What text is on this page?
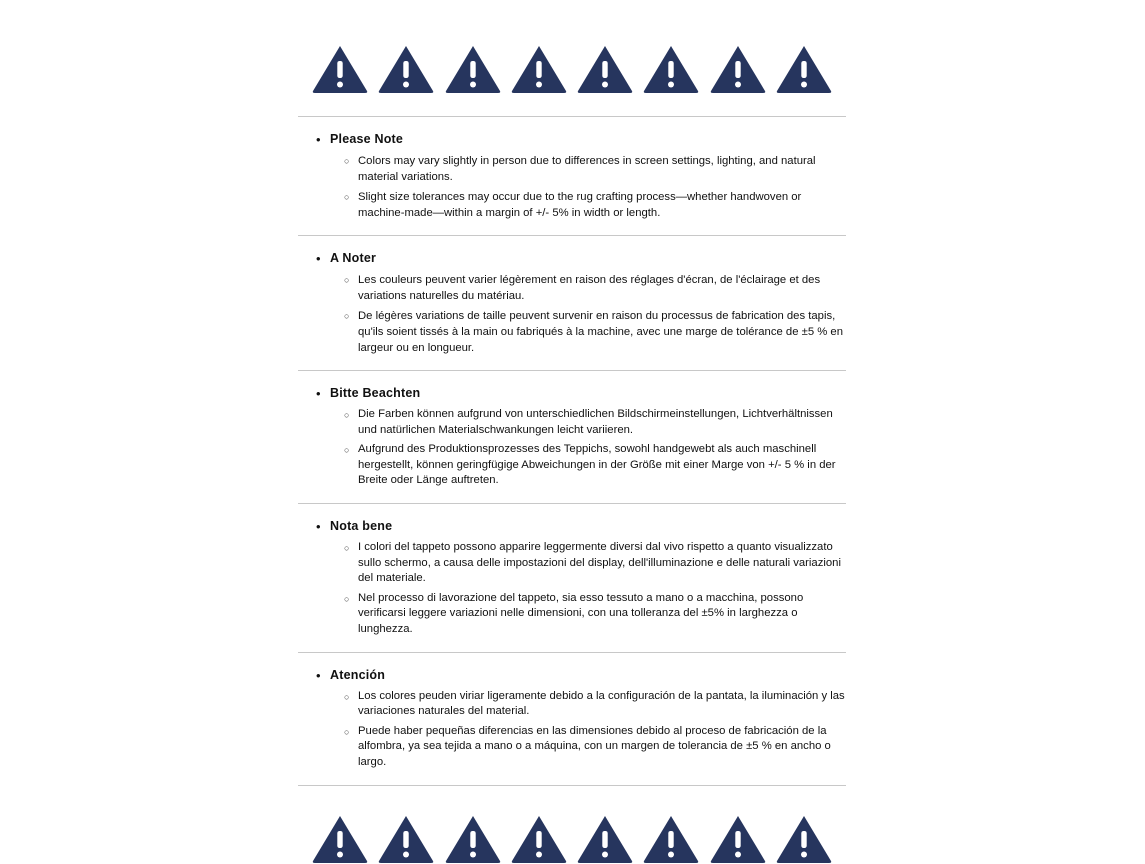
• Please Note
○ Colors may vary slightly in person due to differences in screen settings, lighting, and natural material variations.
○ Slight size tolerances may occur due to the rug crafting process—whether handwoven or machine-made—within a margin of +/- 5% in width or length.
• A Noter
○ Les couleurs peuvent varier légèrement en raison des réglages d'écran, de l'éclairage et des variations naturelles du matériau.
○ De légères variations de taille peuvent survenir en raison du processus de fabrication des tapis, qu'ils soient tissés à la main ou fabriqués à la machine, avec une marge de tolérance de ±5 % en largeur ou en longueur.
• Bitte Beachten
○ Die Farben können aufgrund von unterschiedlichen Bildschirmeinstellungen, Lichtverhältnissen und natürlichen Materialschwankungen leicht variieren.
○ Aufgrund des Produktionsprozesses des Teppichs, sowohl handgewebt als auch maschinell hergestellt, können geringfügige Abweichungen in der Größe mit einer Marge von +/- 5 % in der Breite oder Länge auftreten.
• Nota bene
○ I colori del tappeto possono apparire leggermente diversi dal vivo rispetto a quanto visualizzato sullo schermo, a causa delle impostazioni del display, dell'illuminazione e delle naturali variazioni del materiale.
○ Nel processo di lavorazione del tappeto, sia esso tessuto a mano o a macchina, possono verificarsi leggere variazioni nelle dimensioni, con una tolleranza del ±5% in larghezza o lunghezza.
• Atención
○ Los colores peuden viriar ligeramente debido a la configuración de la pantata, la iluminación y las variaciones naturales del material.
○ Puede haber pequeñas diferencias en las dimensiones debido al proceso de fabricación de la alfombra, ya sea tejida a mano o a máquina, con un margen de tolerancia de ±5 % en ancho o largo.
